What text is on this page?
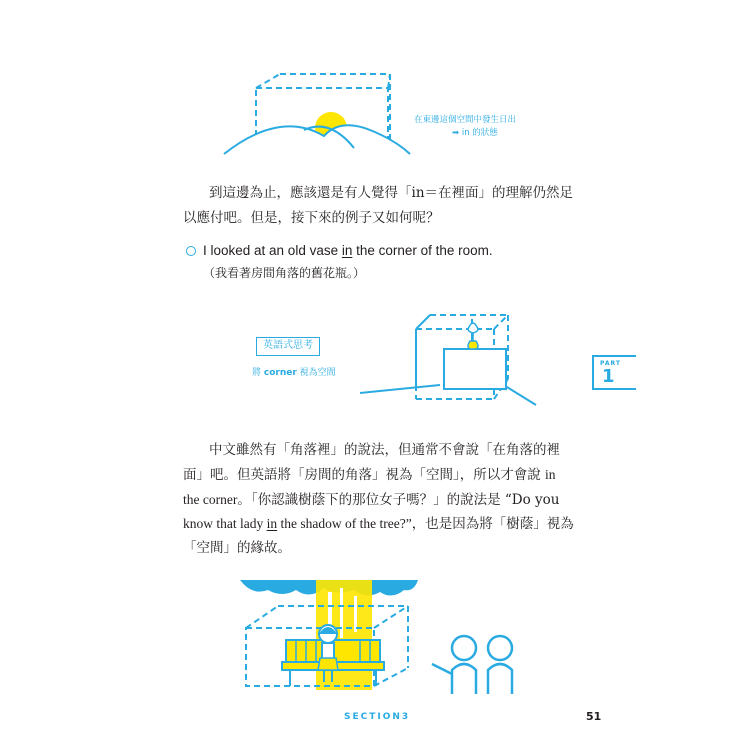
在東邊這個空間中發生日出
➡ in 的狀態
到這邊為止，應該還是有人覺得「in＝在裡面」的理解仍然足
以應付吧。但是，接下來的例子又如何呢？
I looked at an old vase in the corner of the room.
（我看著房間角落的舊花瓶。）
英語式思考
將 corner 視為空間
PART
1
中文雖然有「角落裡」的說法，但通常不會說「在角落的裡
面」吧。但英語將「房間的角落」視為「空間」，所以才會說 in
the corner。「你認識樹蔭下的那位女子嗎？」的說法是 “Do you
know that lady in the shadow of the tree?”，也是因為將「樹蔭」視為
「空間」的緣故。
SECTION3	51
